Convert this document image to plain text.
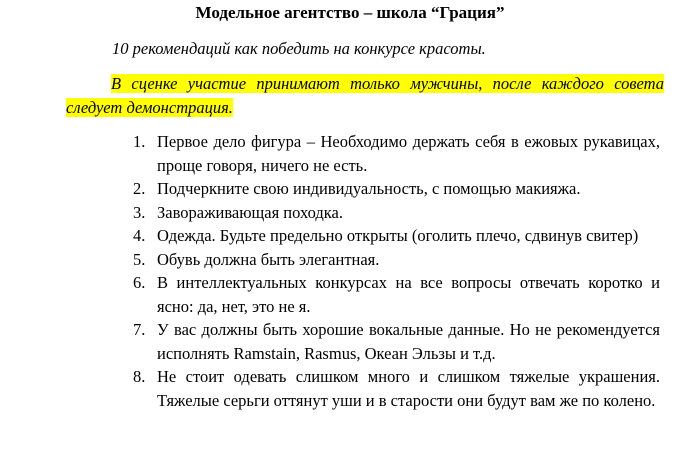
Модельное агентство – школа “Грация”
10 рекомендаций как победить на конкурсе красоты.
В сценке участие принимают только мужчины, после каждого совета следует демонстрация.
1. Первое дело фигура – Необходимо держать себя в ежовых рукавицах, проще говоря, ничего не есть.
2. Подчеркните свою индивидуальность, с помощью макияжа.
3. Завораживающая походка.
4. Одежда. Будьте предельно открыты (оголить плечо, сдвинув свитер)
5. Обувь должна быть элегантная.
6. В интеллектуальных конкурсах на все вопросы отвечать коротко и ясно: да, нет, это не я.
7. У вас должны быть хорошие вокальные данные. Но не рекомендуется исполнять Ramstain, Rasmus, Океан Эльзы и т.д.
8. Не стоит одевать слишком много и слишком тяжелые украшения. Тяжелые серьги оттянут уши и в старости они будут вам же по колено.
